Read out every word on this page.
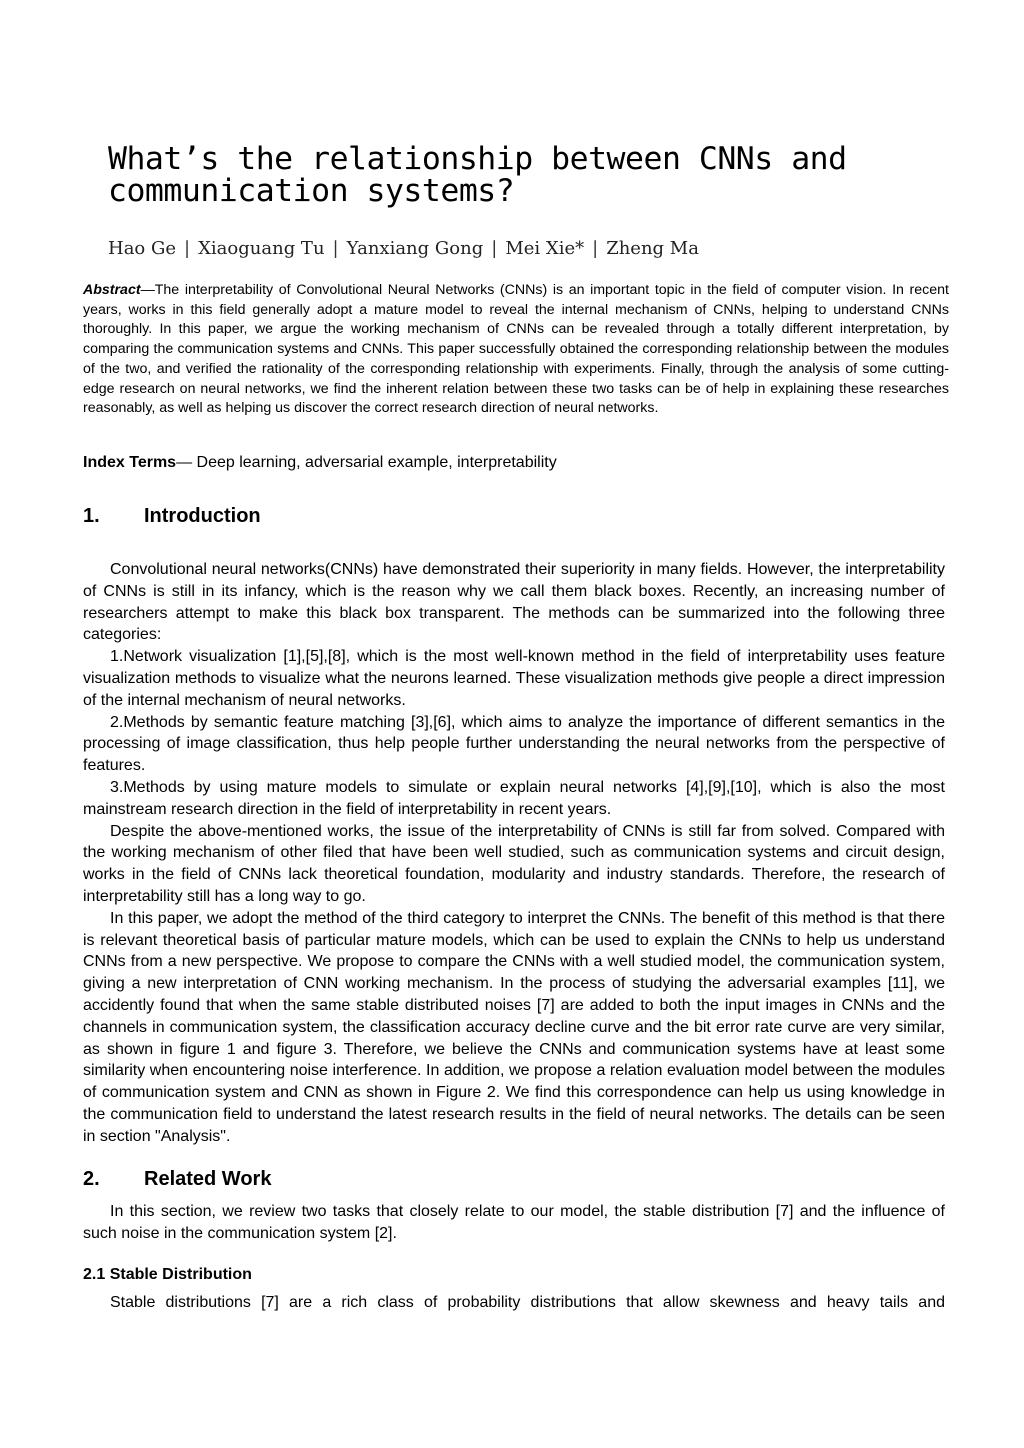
What’s the relationship between CNNs and
communication systems?
Hao Ge | Xiaoguang Tu | Yanxiang Gong | Mei Xie* | Zheng Ma

Abstract—The interpretability of Convolutional Neural Networks (CNNs) is an important topic in the field of computer vision. In recent years, works in this field generally adopt a mature model to reveal the internal mechanism of CNNs, helping to understand CNNs thoroughly. In this paper, we argue the working mechanism of CNNs can be revealed through a totally different interpretation, by comparing the communication systems and CNNs. This paper successfully obtained the corresponding relationship between the modules of the two, and verified the rationality of the corresponding relationship with experiments. Finally, through the analysis of some cutting-edge research on neural networks, we find the inherent relation between these two tasks can be of help in explaining these researches reasonably, as well as helping us discover the correct research direction of neural networks.

Index Terms— Deep learning, adversarial example, interpretability

1. Introduction

Convolutional neural networks(CNNs) have demonstrated their superiority in many fields. However, the interpretability of CNNs is still in its infancy, which is the reason why we call them black boxes. Recently, an increasing number of researchers attempt to make this black box transparent. The methods can be summarized into the following three categories:

1.Network visualization [1],[5],[8], which is the most well-known method in the field of interpretability uses feature visualization methods to visualize what the neurons learned. These visualization methods give people a direct impression of the internal mechanism of neural networks.

2.Methods by semantic feature matching [3],[6], which aims to analyze the importance of different semantics in the processing of image classification, thus help people further understanding the neural networks from the perspective of features.

3.Methods by using mature models to simulate or explain neural networks [4],[9],[10], which is also the most mainstream research direction in the field of interpretability in recent years.

Despite the above-mentioned works, the issue of the interpretability of CNNs is still far from solved. Compared with the working mechanism of other filed that have been well studied, such as communication systems and circuit design, works in the field of CNNs lack theoretical foundation, modularity and industry standards. Therefore, the research of interpretability still has a long way to go.

In this paper, we adopt the method of the third category to interpret the CNNs. The benefit of this method is that there is relevant theoretical basis of particular mature models, which can be used to explain the CNNs to help us understand CNNs from a new perspective. We propose to compare the CNNs with a well studied model, the communication system, giving a new interpretation of CNN working mechanism. In the process of studying the adversarial examples [11], we accidently found that when the same stable distributed noises [7] are added to both the input images in CNNs and the channels in communication system, the classification accuracy decline curve and the bit error rate curve are very similar, as shown in figure 1 and figure 3. Therefore, we believe the CNNs and communication systems have at least some similarity when encountering noise interference. In addition, we propose a relation evaluation model between the modules of communication system and CNN as shown in Figure 2. We find this correspondence can help us using knowledge in the communication field to understand the latest research results in the field of neural networks. The details can be seen in section "Analysis".

2. Related Work

In this section, we review two tasks that closely relate to our model, the stable distribution [7] and the influence of such noise in the communication system [2].

2.1 Stable Distribution

Stable distributions [7] are a rich class of probability distributions that allow skewness and heavy tails and
